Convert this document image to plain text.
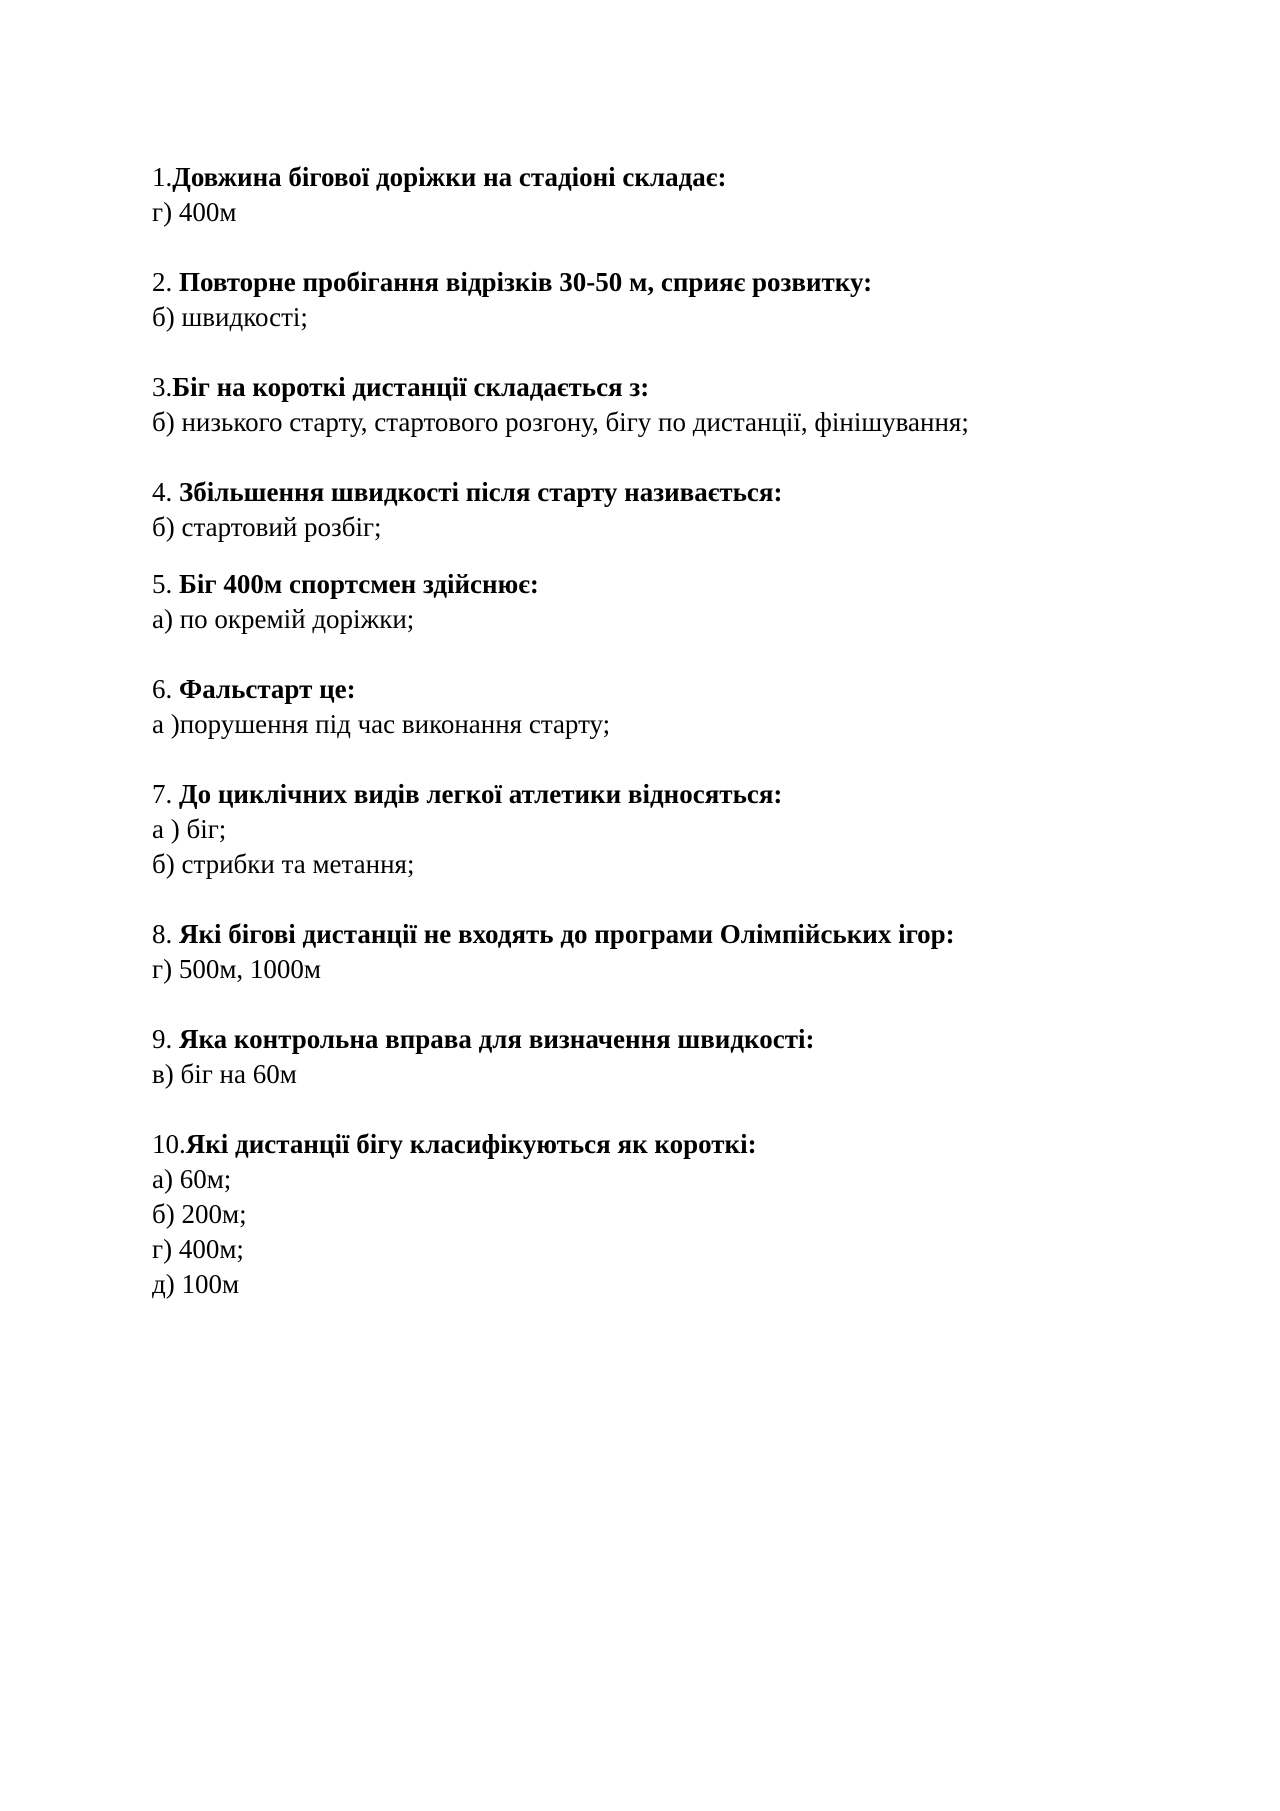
1.Довжина бігової доріжки на стадіоні складає:
г) 400м
2. Повторне пробігання відрізків 30-50 м, сприяє розвитку:
б) швидкості;
3.Біг на короткі дистанції складається з:
б) низького старту, стартового розгону, бігу по дистанції, фінішування;
4. Збільшення швидкості після старту називається:
б) стартовий розбіг;
5. Біг 400м спортсмен здійснює:
а) по окремій доріжки;
6. Фальстарт це:
а )порушення під час виконання старту;
7. До циклічних видів легкої атлетики відносяться:
а ) біг;
б) стрибки та метання;
8. Які бігові дистанції не входять до програми Олімпійських ігор:
г) 500м, 1000м
9. Яка контрольна вправа для визначення швидкості:
в) біг на 60м
10.Які дистанції бігу класифікуються як короткі:
а) 60м;
б) 200м;
г) 400м;
д) 100м
